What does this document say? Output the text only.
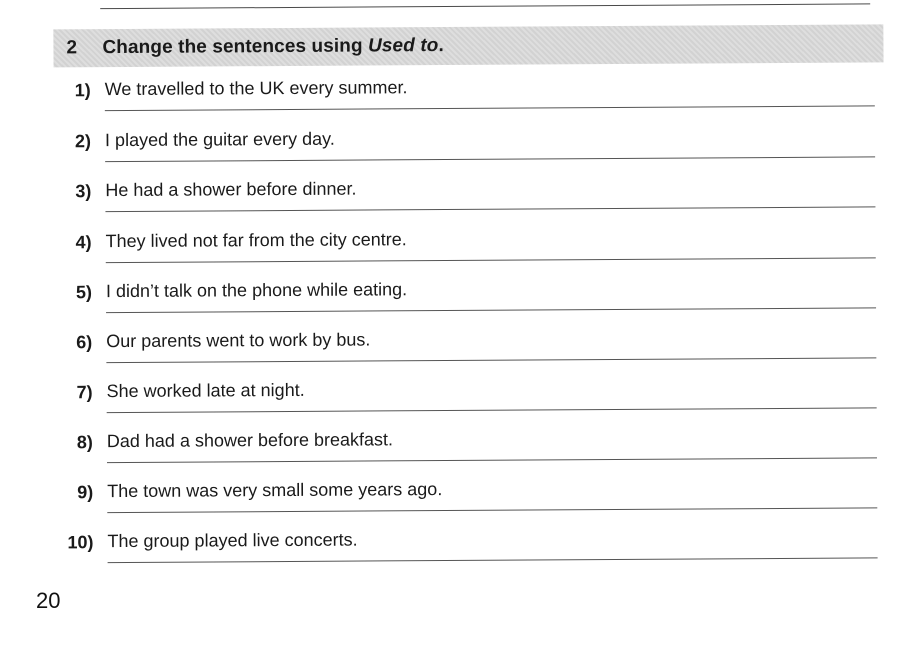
2	Change the sentences using Used to.
1) We travelled to the UK every summer.
2) I played the guitar every day.
3) He had a shower before dinner.
4) They lived not far from the city centre.
5) I didn’t talk on the phone while eating.
6) Our parents went to work by bus.
7) She worked late at night.
8) Dad had a shower before breakfast.
9) The town was very small some years ago.
10) The group played live concerts.
20
